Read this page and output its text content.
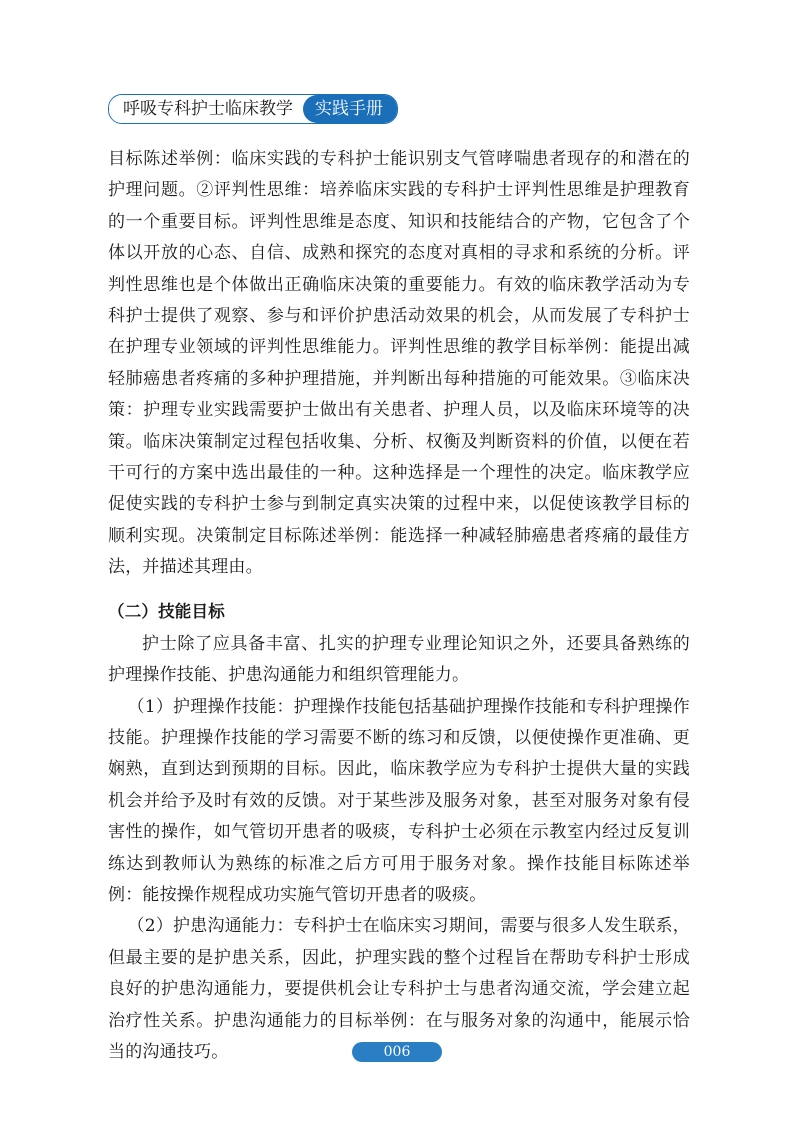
呼吸专科护士临床教学	实践手册

目标陈述举例：临床实践的专科护士能识别支气管哮喘患者现存的和潜在的护理问题。②评判性思维：培养临床实践的专科护士评判性思维是护理教育的一个重要目标。评判性思维是态度、知识和技能结合的产物，它包含了个体以开放的心态、自信、成熟和探究的态度对真相的寻求和系统的分析。评判性思维也是个体做出正确临床决策的重要能力。有效的临床教学活动为专科护士提供了观察、参与和评价护患活动效果的机会，从而发展了专科护士在护理专业领域的评判性思维能力。评判性思维的教学目标举例：能提出减轻肺癌患者疼痛的多种护理措施，并判断出每种措施的可能效果。③临床决策：护理专业实践需要护士做出有关患者、护理人员，以及临床环境等的决策。临床决策制定过程包括收集、分析、权衡及判断资料的价值，以便在若干可行的方案中选出最佳的一种。这种选择是一个理性的决定。临床教学应促使实践的专科护士参与到制定真实决策的过程中来，以促使该教学目标的顺利实现。决策制定目标陈述举例：能选择一种减轻肺癌患者疼痛的最佳方法，并描述其理由。

（二）技能目标

护士除了应具备丰富、扎实的护理专业理论知识之外，还要具备熟练的护理操作技能、护患沟通能力和组织管理能力。

（1）护理操作技能：护理操作技能包括基础护理操作技能和专科护理操作技能。护理操作技能的学习需要不断的练习和反馈，以便使操作更准确、更娴熟，直到达到预期的目标。因此，临床教学应为专科护士提供大量的实践机会并给予及时有效的反馈。对于某些涉及服务对象，甚至对服务对象有侵害性的操作，如气管切开患者的吸痰，专科护士必须在示教室内经过反复训练达到教师认为熟练的标准之后方可用于服务对象。操作技能目标陈述举例：能按操作规程成功实施气管切开患者的吸痰。

（2）护患沟通能力：专科护士在临床实习期间，需要与很多人发生联系，但最主要的是护患关系，因此，护理实践的整个过程旨在帮助专科护士形成良好的护患沟通能力，要提供机会让专科护士与患者沟通交流，学会建立起治疗性关系。护患沟通能力的目标举例：在与服务对象的沟通中，能展示恰当的沟通技巧。	006
